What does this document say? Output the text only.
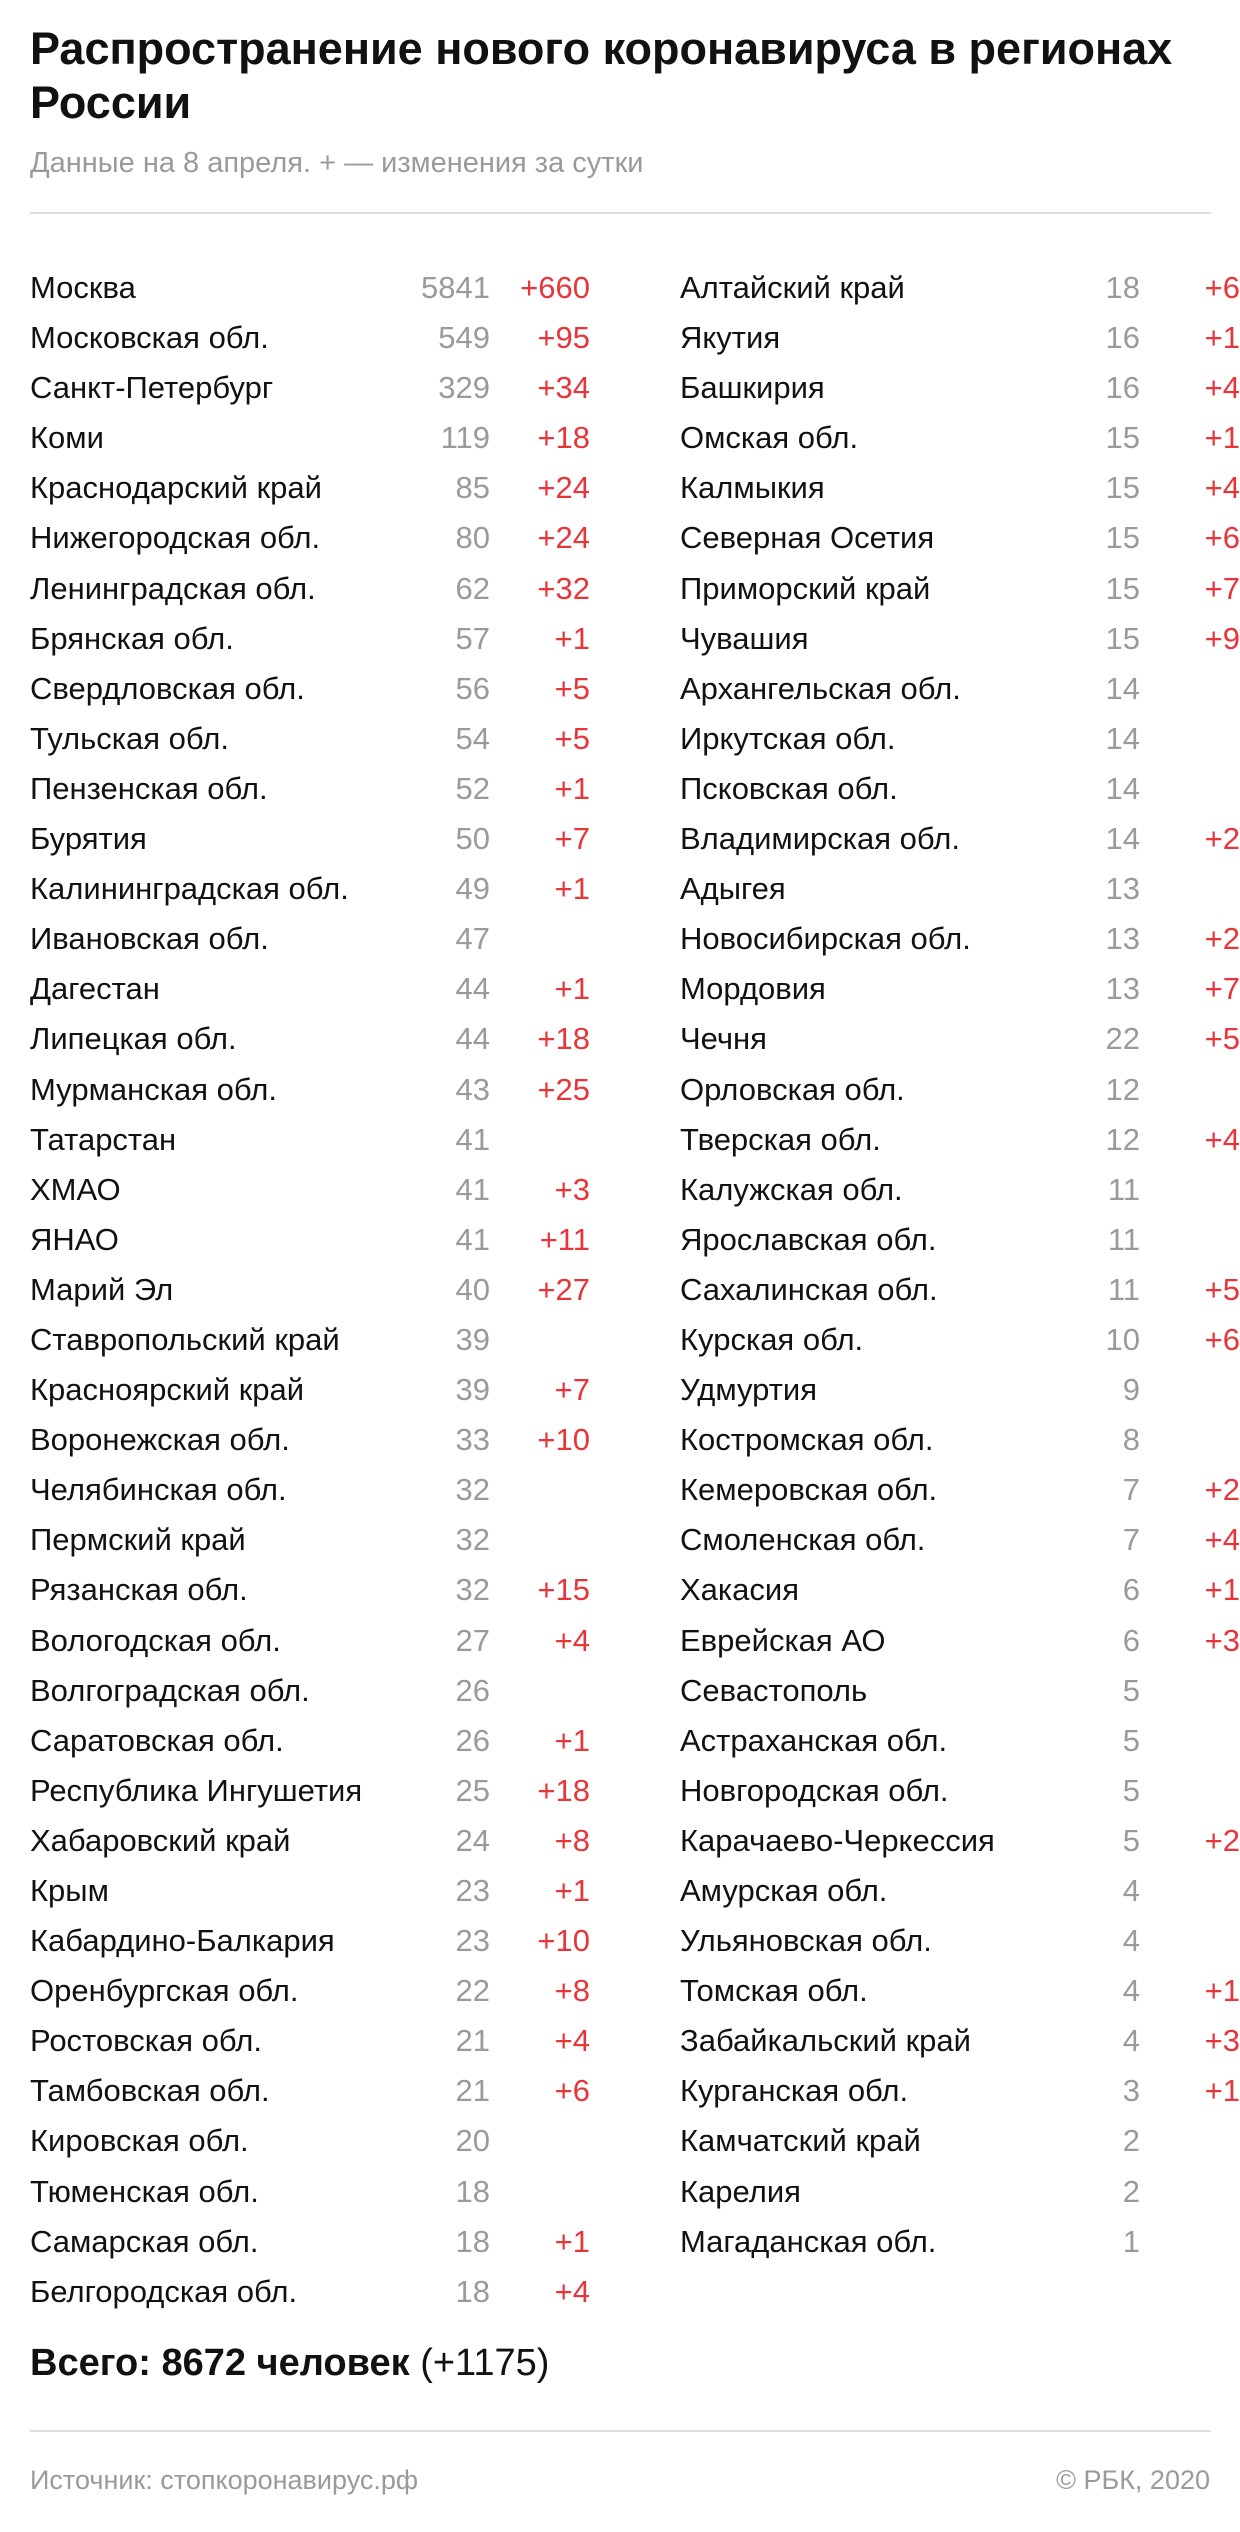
Распространение нового коронавируса в регионах России
Данные на 8 апреля. + — изменения за сутки
Москва	5841 +660
Московская обл.	549 +95
Санкт-Петербург	329 +34
Коми	119 +18
Краснодарский край	85 +24
Нижегородская обл.	80 +24
Ленинградская обл.	62 +32
Брянская обл.	57 +1
Свердловская обл.	56 +5
Тульская обл.	54 +5
Пензенская обл.	52 +1
Бурятия	50 +7
Калининградская обл.	49 +1
Ивановская обл.	47
Дагестан	44 +1
Липецкая обл.	44 +18
Мурманская обл.	43 +25
Татарстан	41
ХМАО	41 +3
ЯНАО	41 +11
Марий Эл	40 +27
Ставропольский край	39
Красноярский край	39 +7
Воронежская обл.	33 +10
Челябинская обл.	32
Пермский край	32
Рязанская обл.	32 +15
Вологодская обл.	27 +4
Волгоградская обл.	26
Саратовская обл.	26 +1
Республика Ингушетия	25 +18
Хабаровский край	24 +8
Крым	23 +1
Кабардино-Балкария	23 +10
Оренбургская обл.	22 +8
Ростовская обл.	21 +4
Тамбовская обл.	21 +6
Кировская обл.	20
Тюменская обл.	18
Самарская обл.	18 +1
Белгородская обл.	18 +4
Алтайский край	18 +6
Якутия	16 +1
Башкирия	16 +4
Омская обл.	15 +1
Калмыкия	15 +4
Северная Осетия	15 +6
Приморский край	15 +7
Чувашия	15 +9
Архангельская обл.	14
Иркутская обл.	14
Псковская обл.	14
Владимирская обл.	14 +2
Адыгея	13
Новосибирская обл.	13 +2
Мордовия	13 +7
Чечня	22 +5
Орловская обл.	12
Тверская обл.	12 +4
Калужская обл.	11
Ярославская обл.	11
Сахалинская обл.	11 +5
Курская обл.	10 +6
Удмуртия	9
Костромская обл.	8
Кемеровская обл.	7 +2
Смоленская обл.	7 +4
Хакасия	6 +1
Еврейская АО	6 +3
Севастополь	5
Астраханская обл.	5
Новгородская обл.	5
Карачаево-Черкессия	5 +2
Амурская обл.	4
Ульяновская обл.	4
Томская обл.	4 +1
Забайкальский край	4 +3
Курганская обл.	3 +1
Камчатский край	2
Карелия	2
Магаданская обл.	1
Всего: 8672 человек (+1175)
Источник: стопкоронавирус.рф	© РБК, 2020
